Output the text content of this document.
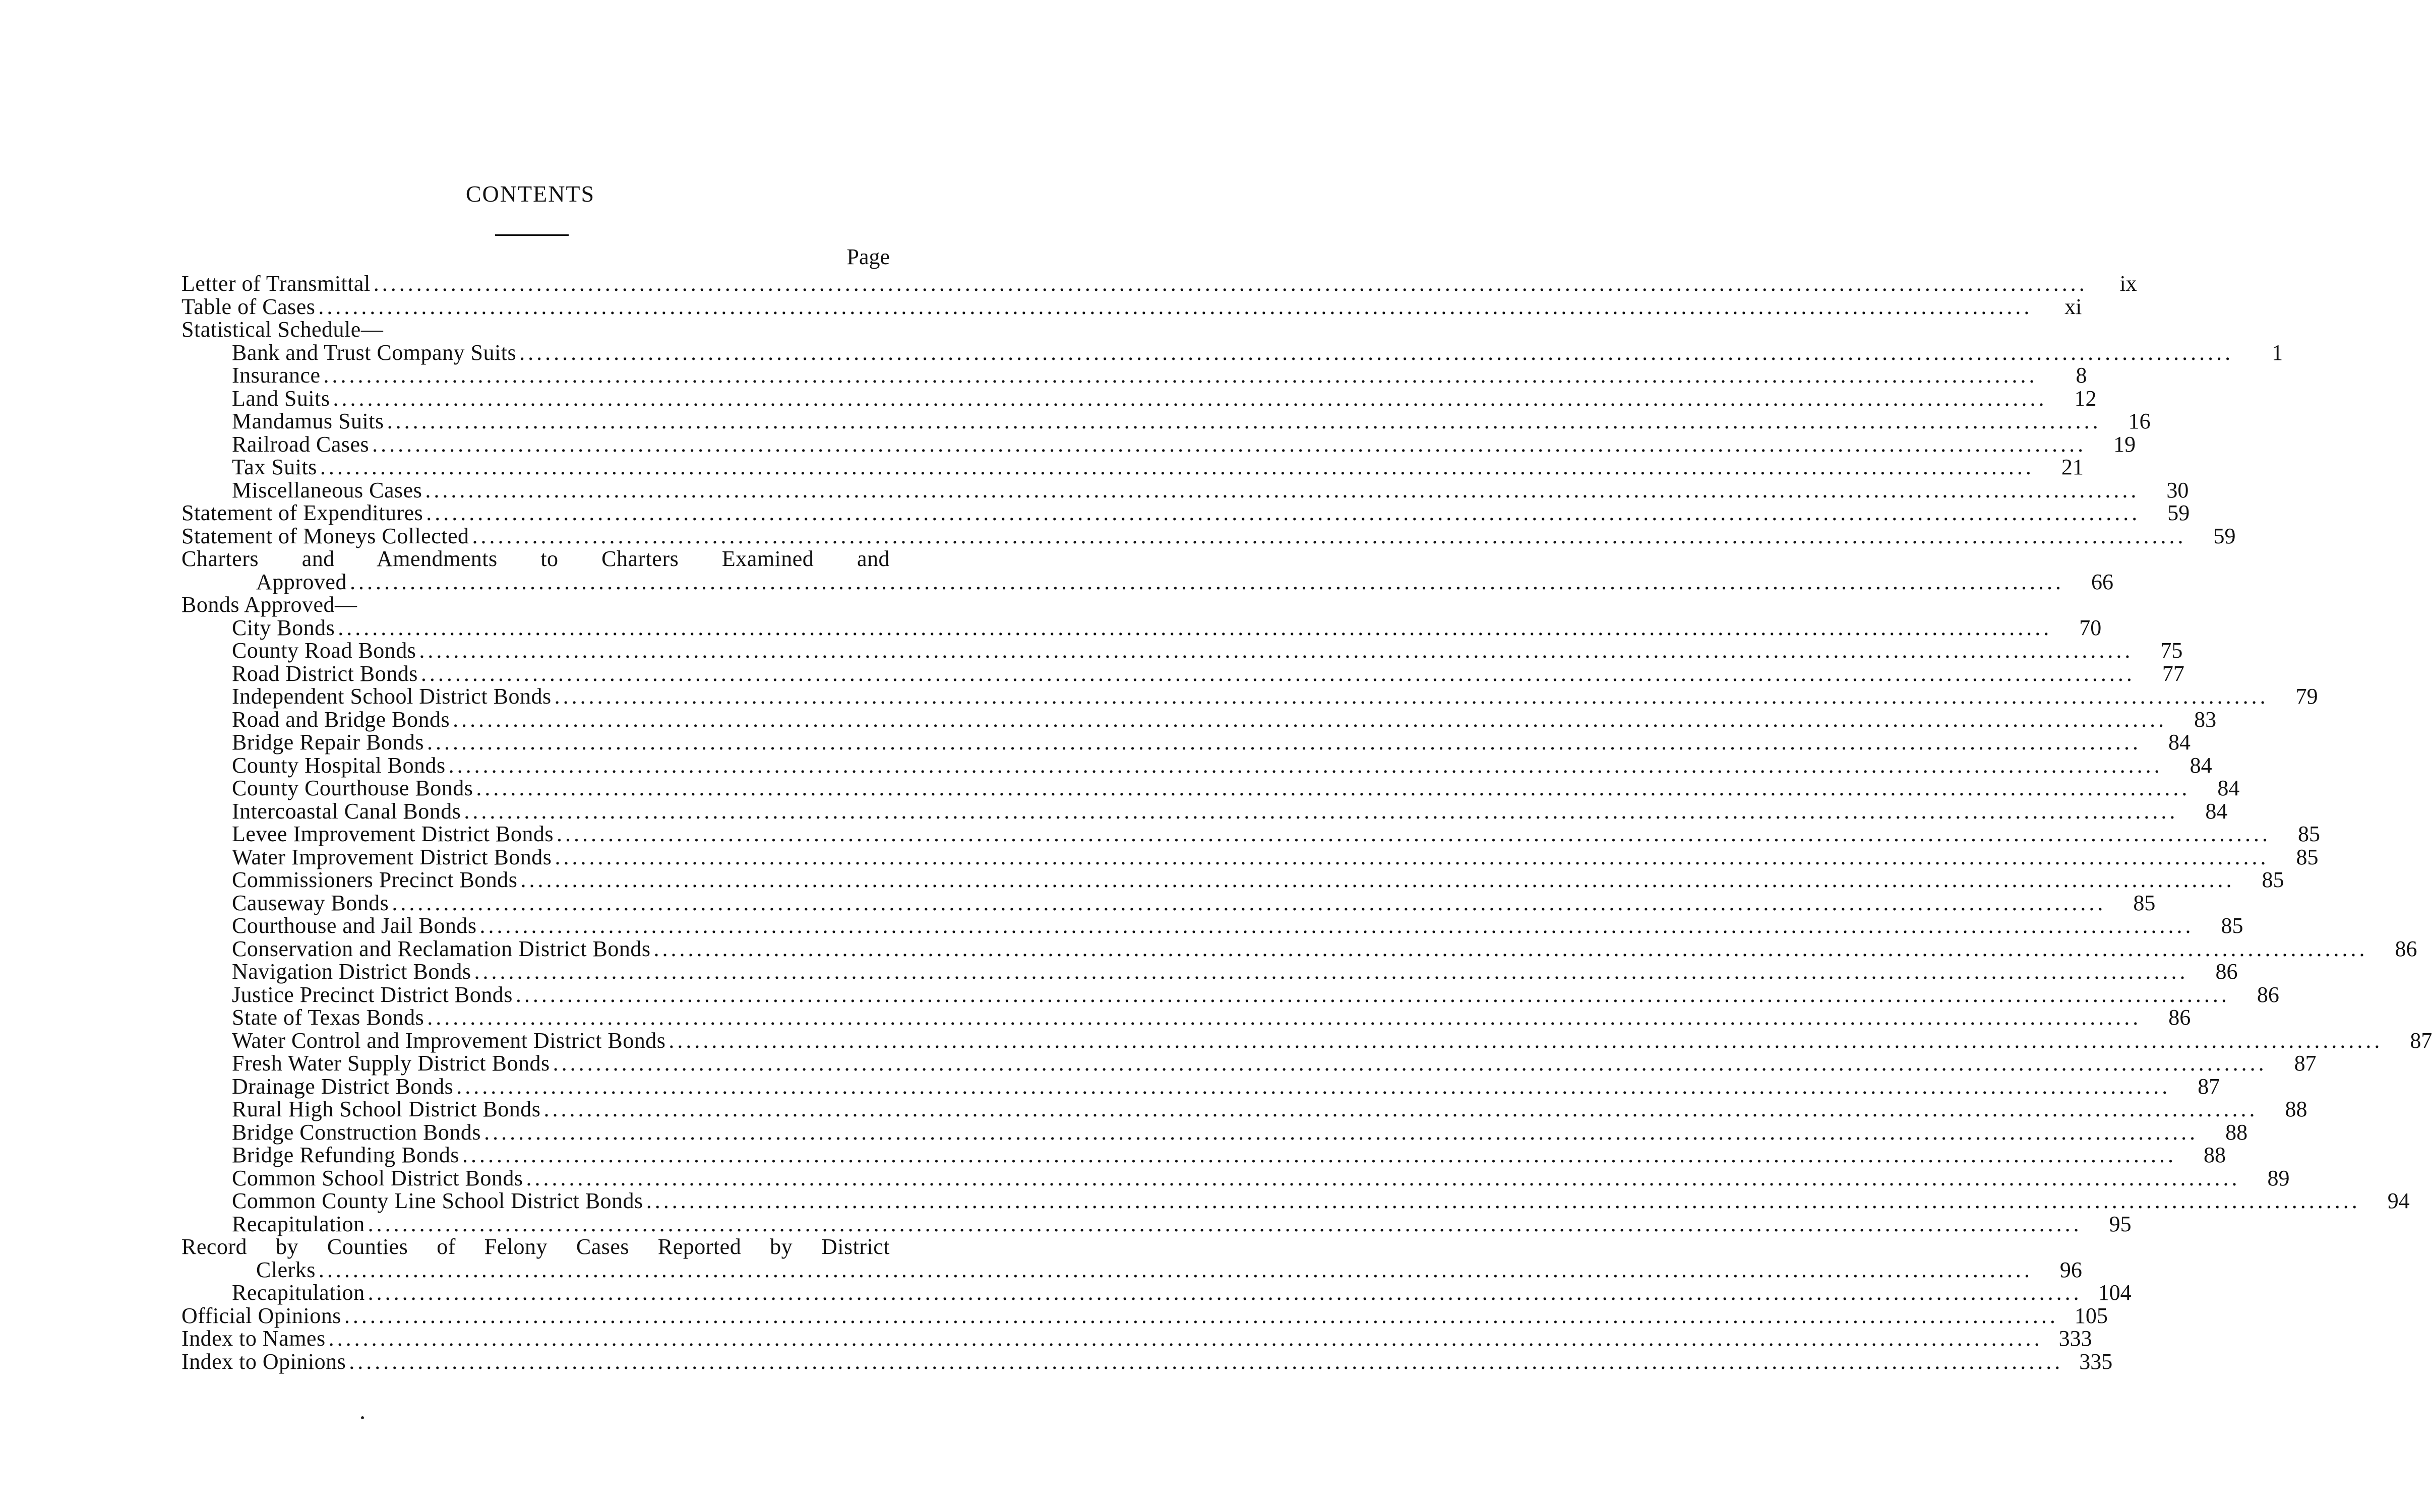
CONTENTS
Page
Letter of Transmittal ........................................................................................................................................................................................................	ix
Table of Cases ........................................................................................................................................................................................................	xi
Statistical Schedule—
Bank and Trust Company Suits ........................................................................................................................................................................................................	1
Insurance ........................................................................................................................................................................................................	8
Land Suits ........................................................................................................................................................................................................	12
Mandamus Suits ........................................................................................................................................................................................................	16
Railroad Cases ........................................................................................................................................................................................................	19
Tax Suits ........................................................................................................................................................................................................	21
Miscellaneous Cases ........................................................................................................................................................................................................	30
Statement of Expenditures ........................................................................................................................................................................................................	59
Statement of Moneys Collected ........................................................................................................................................................................................................	59
Charters and Amendments to Charters Examined and
Approved ........................................................................................................................................................................................................	66
Bonds Approved—
City Bonds ........................................................................................................................................................................................................	70
County Road Bonds ........................................................................................................................................................................................................	75
Road District Bonds ........................................................................................................................................................................................................	77
Independent School District Bonds ........................................................................................................................................................................................................	79
Road and Bridge Bonds ........................................................................................................................................................................................................	83
Bridge Repair Bonds ........................................................................................................................................................................................................	84
County Hospital Bonds ........................................................................................................................................................................................................	84
County Courthouse Bonds ........................................................................................................................................................................................................	84
Intercoastal Canal Bonds ........................................................................................................................................................................................................	84
Levee Improvement District Bonds ........................................................................................................................................................................................................	85
Water Improvement District Bonds ........................................................................................................................................................................................................	85
Commissioners Precinct Bonds ........................................................................................................................................................................................................	85
Causeway Bonds ........................................................................................................................................................................................................	85
Courthouse and Jail Bonds ........................................................................................................................................................................................................	85
Conservation and Reclamation District Bonds ........................................................................................................................................................................................................	86
Navigation District Bonds ........................................................................................................................................................................................................	86
Justice Precinct District Bonds ........................................................................................................................................................................................................	86
State of Texas Bonds ........................................................................................................................................................................................................	86
Water Control and Improvement District Bonds ........................................................................................................................................................................................................	87
Fresh Water Supply District Bonds ........................................................................................................................................................................................................	87
Drainage District Bonds ........................................................................................................................................................................................................	87
Rural High School District Bonds ........................................................................................................................................................................................................	88
Bridge Construction Bonds ........................................................................................................................................................................................................	88
Bridge Refunding Bonds ........................................................................................................................................................................................................	88
Common School District Bonds ........................................................................................................................................................................................................	89
Common County Line School District Bonds ........................................................................................................................................................................................................	94
Recapitulation ........................................................................................................................................................................................................	95
Record by Counties of Felony Cases Reported by District
Clerks ........................................................................................................................................................................................................	96
Recapitulation ........................................................................................................................................................................................................ 104
Official Opinions ........................................................................................................................................................................................................ 105
Index to Names ........................................................................................................................................................................................................ 333
Index to Opinions ........................................................................................................................................................................................................ 335
